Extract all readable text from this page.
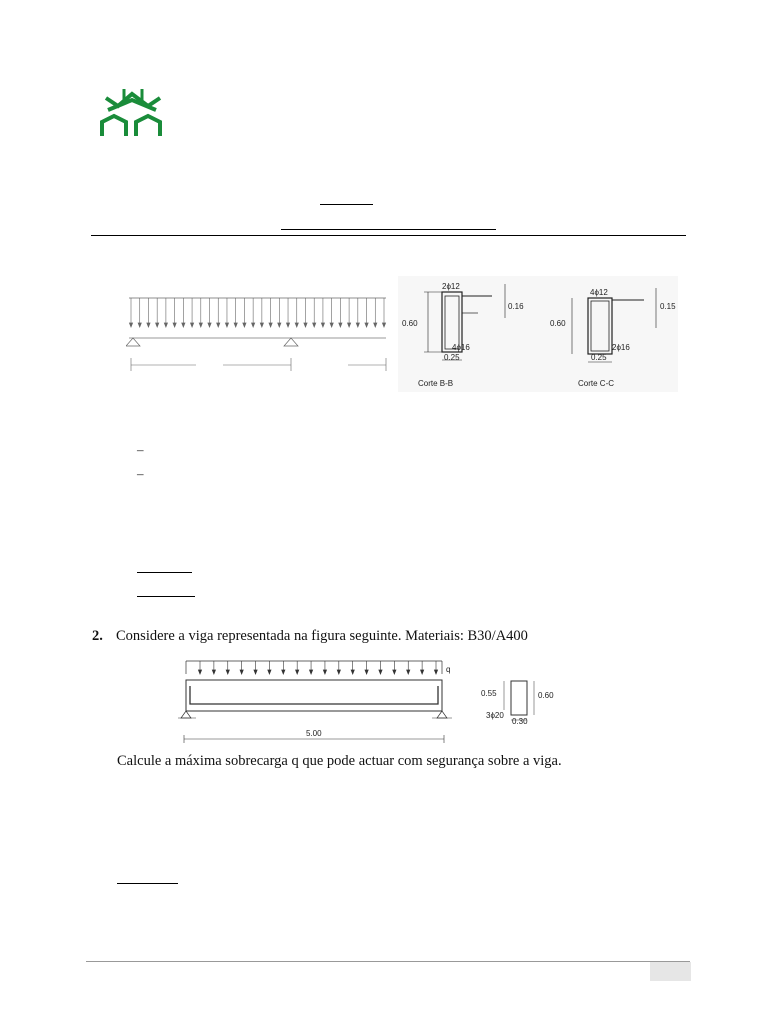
2ϕ12
4ϕ16
0.60
0.25
0.16
Corte B-B
4ϕ12
2ϕ16
0.60
0.25
0.15
Corte C-C
–
–
2. Considere a viga representada na figura seguinte. Materiais: B30/A400
q
5.00
0.55	0.60
3ϕ20
0.30
Calcule a máxima sobrecarga q que pode actuar com segurança sobre a viga.
